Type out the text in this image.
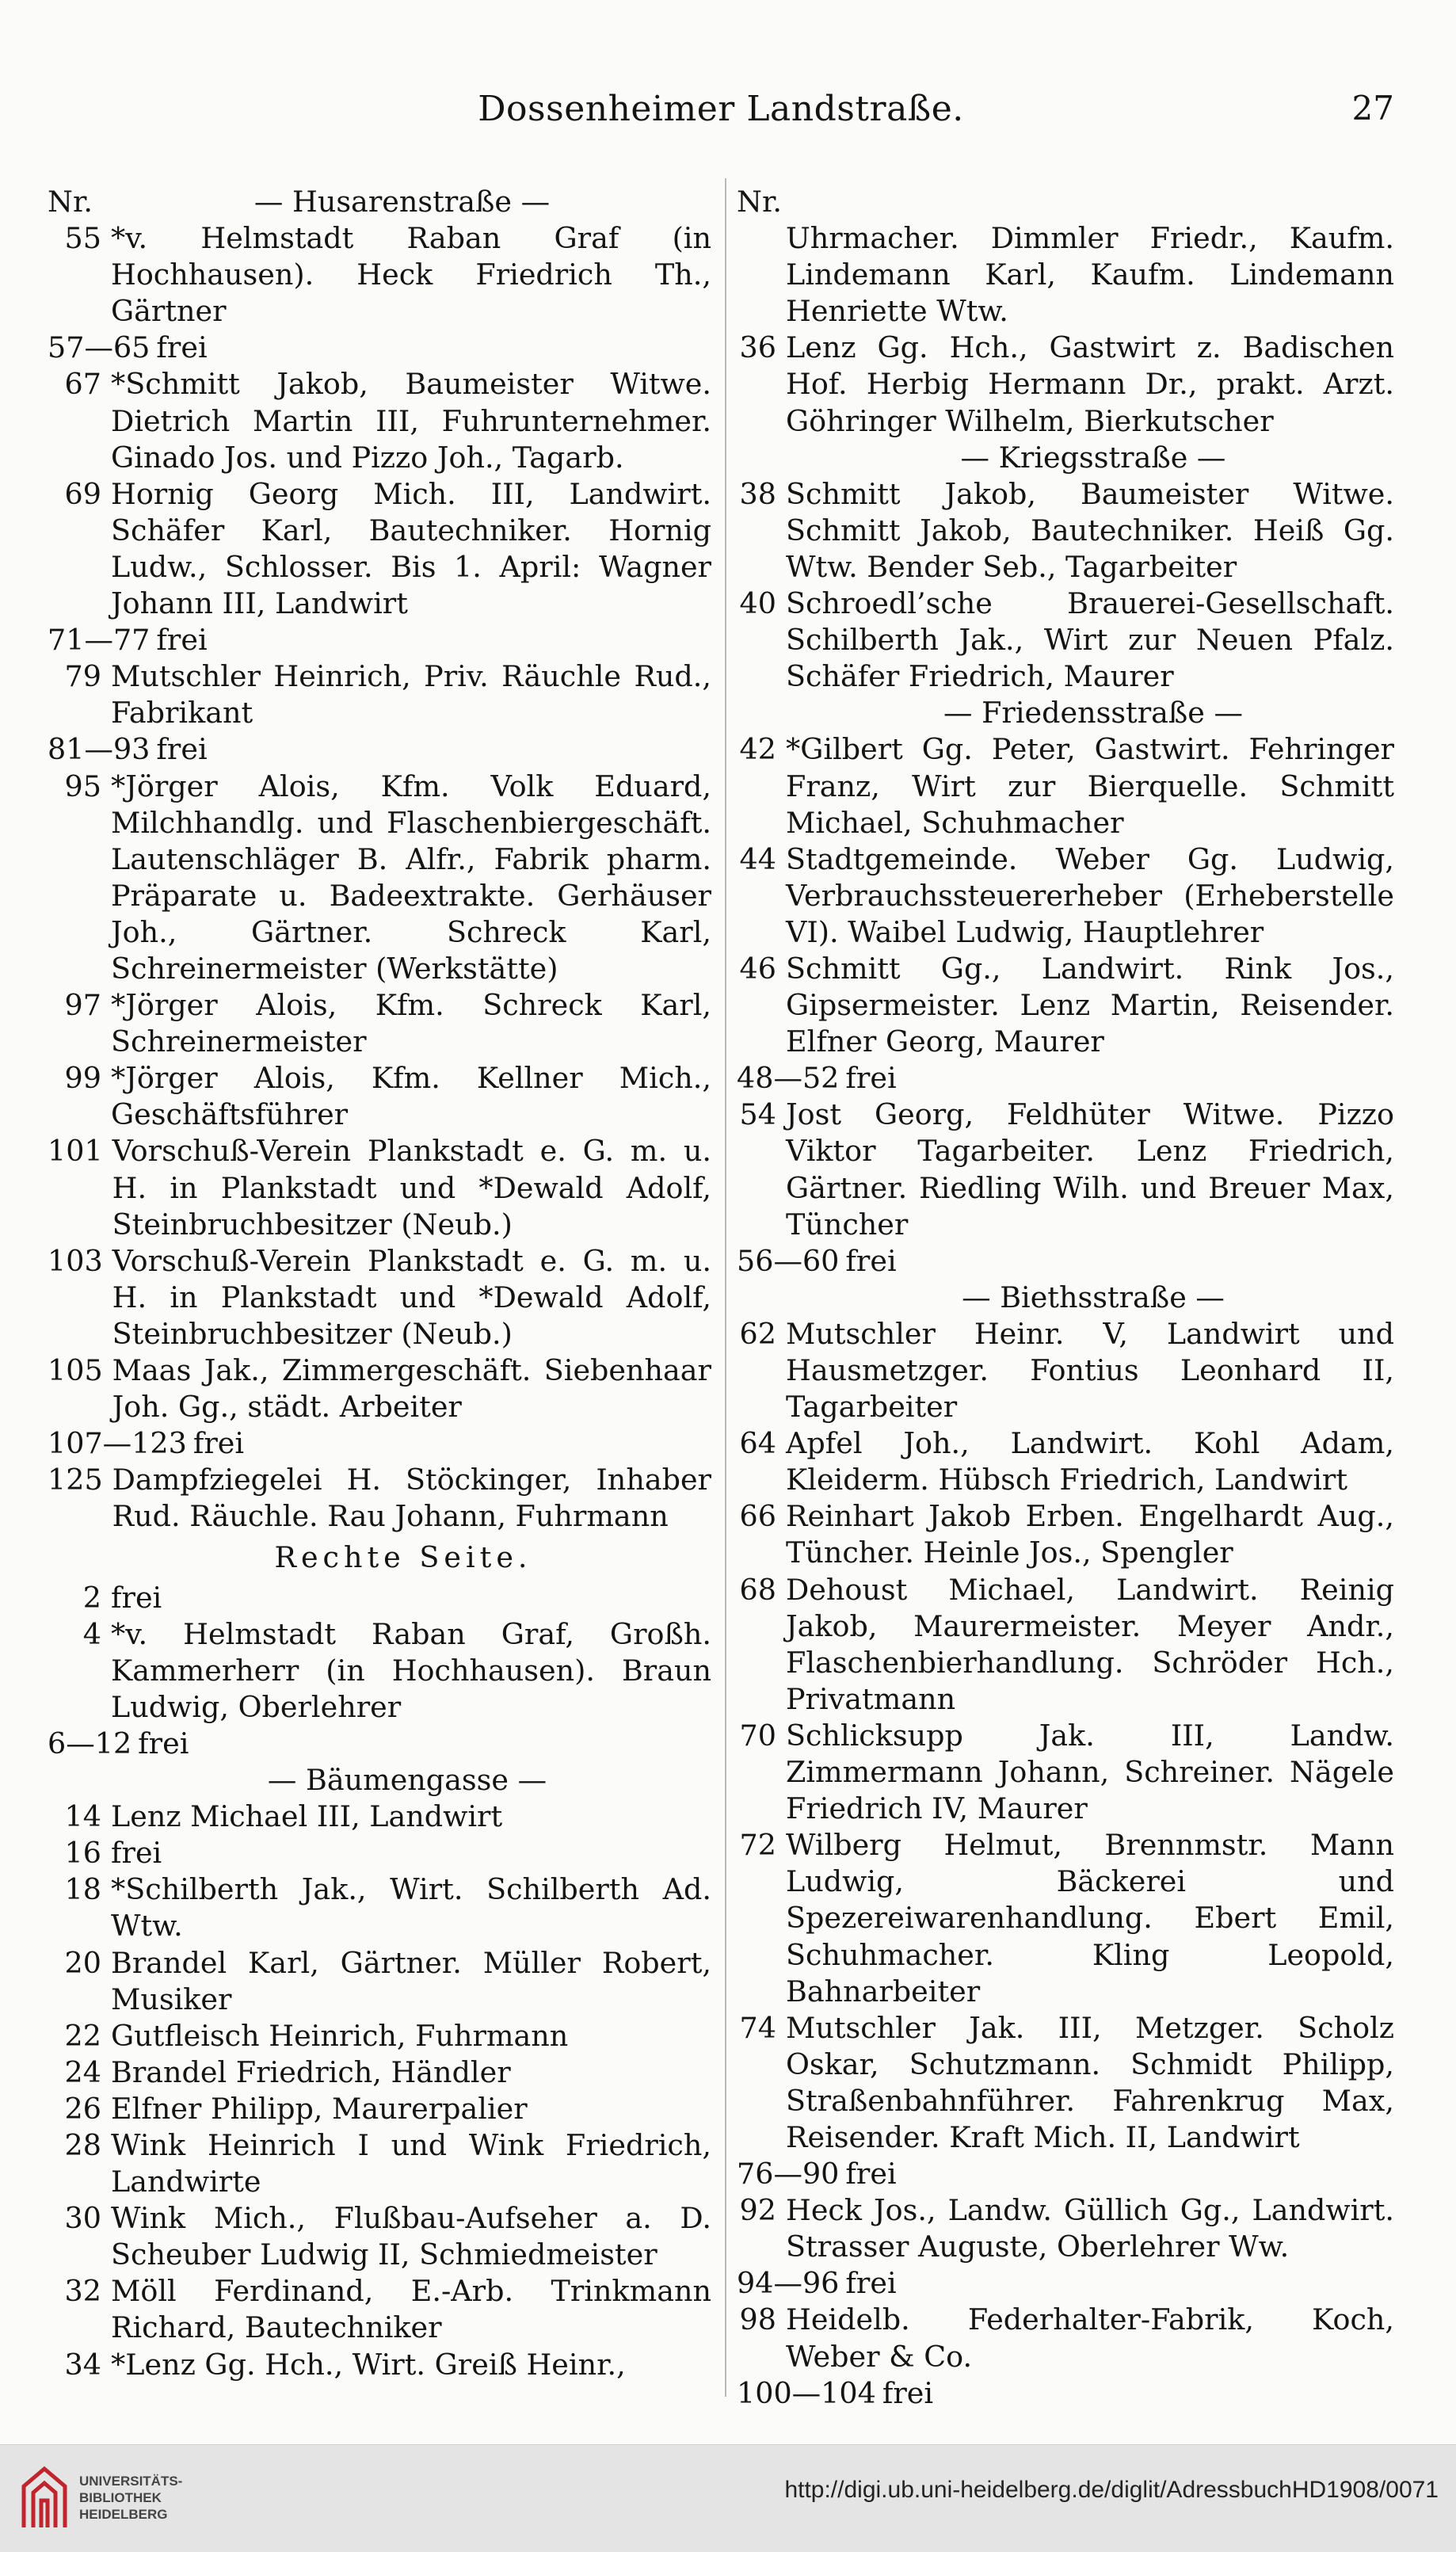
Dossenheimer Landstraße.	27
Nr.	— Husarenstraße —
55 *v. Helmstadt Raban Graf (in Hochhausen). Heck Friedrich Th., Gärtner
57—65 frei
67 *Schmitt Jakob, Baumeister Witwe. Dietrich Martin III, Fuhrunternehmer. Ginado Jos. und Pizzo Joh., Tagarb.
69 Hornig Georg Mich. III, Landwirt. Schäfer Karl, Bautechniker. Hornig Ludw., Schlosser. Bis 1. April: Wagner Johann III, Landwirt
71—77 frei
79 Mutschler Heinrich, Priv. Räuchle Rud., Fabrikant
81—93 frei
95 *Jörger Alois, Kfm. Volk Eduard, Milchhandlg. und Flaschenbiergeschäft. Lautenschläger B. Alfr., Fabrik pharm. Präparate u. Badeextrakte. Gerhäuser Joh., Gärtner. Schreck Karl, Schreinermeister (Werkstätte)
97 *Jörger Alois, Kfm. Schreck Karl, Schreinermeister
99 *Jörger Alois, Kfm. Kellner Mich., Geschäftsführer
101 Vorschuß-Verein Plankstadt e. G. m. u. H. in Plankstadt und *Dewald Adolf, Steinbruchbesitzer (Neub.)
103 Vorschuß-Verein Plankstadt e. G. m. u. H. in Plankstadt und *Dewald Adolf, Steinbruchbesitzer (Neub.)
105 Maas Jak., Zimmergeschäft. Siebenhaar Joh. Gg., städt. Arbeiter
107—123 frei
125 Dampfziegelei H. Stöckinger, Inhaber Rud. Räuchle. Rau Johann, Fuhrmann
Rechte Seite.
2 frei
4 *v. Helmstadt Raban Graf, Großh. Kammerherr (in Hochhausen). Braun Ludwig, Oberlehrer
6—12 frei
— Bäumengasse —
14 Lenz Michael III, Landwirt
16 frei
18 *Schilberth Jak., Wirt. Schilberth Ad. Wtw.
20 Brandel Karl, Gärtner. Müller Robert, Musiker
22 Gutfleisch Heinrich, Fuhrmann
24 Brandel Friedrich, Händler
26 Elfner Philipp, Maurerpalier
28 Wink Heinrich I und Wink Friedrich, Landwirte
30 Wink Mich., Flußbau-Aufseher a. D. Scheuber Ludwig II, Schmiedmeister
32 Möll Ferdinand, E.-Arb. Trinkmann Richard, Bautechniker
34 *Lenz Gg. Hch., Wirt. Greiß Heinr.,
Nr.
Uhrmacher. Dimmler Friedr., Kaufm. Lindemann Karl, Kaufm. Lindemann Henriette Wtw.
36 Lenz Gg. Hch., Gastwirt z. Badischen Hof. Herbig Hermann Dr., prakt. Arzt. Göhringer Wilhelm, Bierkutscher
— Kriegsstraße —
38 Schmitt Jakob, Baumeister Witwe. Schmitt Jakob, Bautechniker. Heiß Gg. Wtw. Bender Seb., Tagarbeiter
40 Schroedl’sche Brauerei-Gesellschaft. Schilberth Jak., Wirt zur Neuen Pfalz. Schäfer Friedrich, Maurer
— Friedensstraße —
42 *Gilbert Gg. Peter, Gastwirt. Fehringer Franz, Wirt zur Bierquelle. Schmitt Michael, Schuhmacher
44 Stadtgemeinde. Weber Gg. Ludwig, Verbrauchssteuererheber (Erheberstelle VI). Waibel Ludwig, Hauptlehrer
46 Schmitt Gg., Landwirt. Rink Jos., Gipsermeister. Lenz Martin, Reisender. Elfner Georg, Maurer
48—52 frei
54 Jost Georg, Feldhüter Witwe. Pizzo Viktor Tagarbeiter. Lenz Friedrich, Gärtner. Riedling Wilh. und Breuer Max, Tüncher
56—60 frei
— Biethsstraße —
62 Mutschler Heinr. V, Landwirt und Hausmetzger. Fontius Leonhard II, Tagarbeiter
64 Apfel Joh., Landwirt. Kohl Adam, Kleiderm. Hübsch Friedrich, Landwirt
66 Reinhart Jakob Erben. Engelhardt Aug., Tüncher. Heinle Jos., Spengler
68 Dehoust Michael, Landwirt. Reinig Jakob, Maurermeister. Meyer Andr., Flaschenbierhandlung. Schröder Hch., Privatmann
70 Schlicksupp Jak. III, Landw. Zimmermann Johann, Schreiner. Nägele Friedrich IV, Maurer
72 Wilberg Helmut, Brennmstr. Mann Ludwig, Bäckerei und Spezereiwarenhandlung. Ebert Emil, Schuhmacher. Kling Leopold, Bahnarbeiter
74 Mutschler Jak. III, Metzger. Scholz Oskar, Schutzmann. Schmidt Philipp, Straßenbahnführer. Fahrenkrug Max, Reisender. Kraft Mich. II, Landwirt
76—90 frei
92 Heck Jos., Landw. Güllich Gg., Landwirt. Strasser Auguste, Oberlehrer Ww.
94—96 frei
98 Heidelb. Federhalter-Fabrik, Koch, Weber & Co.
100—104 frei
UNIVERSITÄTS-
BIBLIOTHEK
HEIDELBERG
http://digi.ub.uni-heidelberg.de/diglit/AdressbuchHD1908/0071
